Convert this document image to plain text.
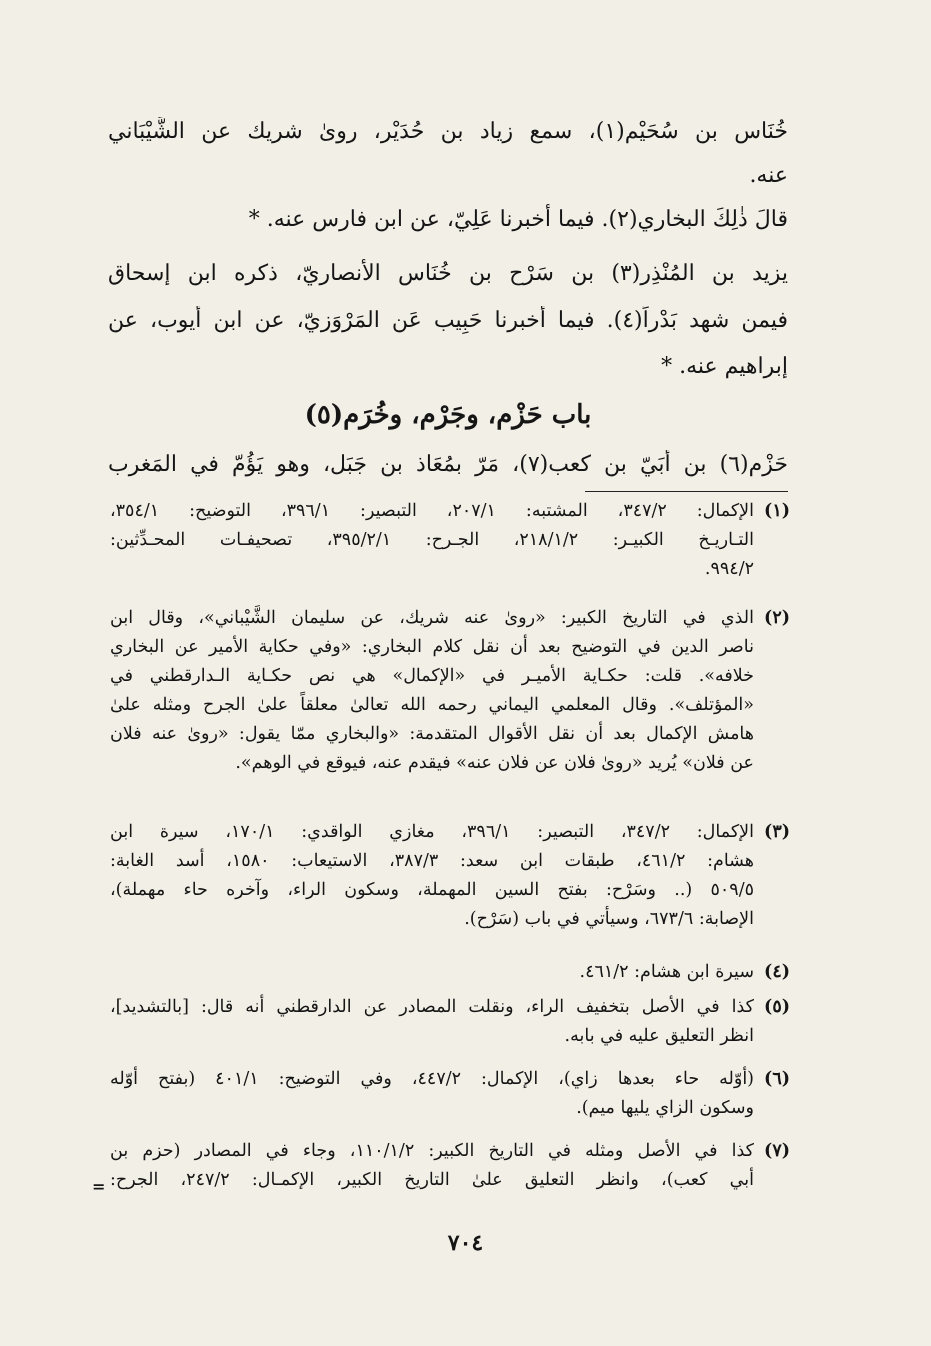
خُنَاس بن سُحَيْم(١)، سمع زياد بن حُدَيْر، روىٰ شريك عن الشَّيْبَاني
عنه.
قالَ ذٰلِكَ البخاري(٢). فيما أخبرنا عَلِيّ، عن ابن فارس عنه. *
يزيد بن المُنْذِر(٣) بن سَرْح بن خُنَاس الأنصاريّ، ذكره ابن إسحاق
فيمن شهد بَدْراً(٤). فيما أخبرنا حَبِيب عَن المَرْوَزيّ، عن ابن أيوب، عن
إبراهيم عنه. *
باب حَزْم، وجَرْم، وخُرَم(٥)
حَزْم(٦) بن أُبَيّ بن كعب(٧)، مَرّ بمُعَاذ بن جَبَل، وهو يَؤُمّ في المَغرب
(١)
الإكمال: ٣٤٧/٢، المشتبه: ٢٠٧/١، التبصير: ٣٩٦/١، التوضيح: ٣٥٤/١،
التـاريـخ الكبيـر: ٢١٨/١/٢، الجـرح: ٣٩٥/٢/١، تصحيفـات المحـدِّثين:
٩٩٤/٢.
(٢)
الذي في التاريخ الكبير: «روىٰ عنه شريك، عن سليمان الشَّيْباني»، وقال ابن
ناصر الدين في التوضيح بعد أن نقل كلام البخاري: «وفي حكاية الأمير عن البخاري
خلافه». قلت: حكـاية الأميـر في «الإكمال» هي نص حكـاية الـدارقطني في
«المؤتلف». وقال المعلمي اليماني رحمه الله تعالىٰ معلقاً علىٰ الجرح ومثله علىٰ
هامش الإكمال بعد أن نقل الأقوال المتقدمة: «والبخاري ممّا يقول: «روىٰ عنه فلان
عن فلان» يُريد «روىٰ فلان عن فلان عنه» فيقدم عنه، فيوقع في الوهم».
(٣)
الإكمال: ٣٤٧/٢، التبصير: ٣٩٦/١، مغازي الواقدي: ١٧٠/١، سيرة ابن
هشام: ٤٦١/٢، طبقات ابن سعد: ٣٨٧/٣، الاستيعاب: ١٥٨٠، أسد الغابة:
٥٠٩/٥ (.. وسَرْح: بفتح السين المهملة، وسكون الراء، وآخره حاء مهملة)،
الإصابة: ٦٧٣/٦، وسيأتي في باب (سَرْح).
(٤)
سيرة ابن هشام: ٤٦١/٢.
(٥)
كذا في الأصل بتخفيف الراء، ونقلت المصادر عن الدارقطني أنه قال: [بالتشديد]،
انظر التعليق عليه في بابه.
(٦)
(أوّله حاء بعدها زاي)، الإكمال: ٤٤٧/٢، وفي التوضيح: ٤٠١/١ (بفتح أوّله
وسكون الزاي يليها ميم).
(٧)
كذا في الأصل ومثله في التاريخ الكبير: ١١٠/١/٢، وجاء في المصادر (حزم بن
أبي كعب)، وانظر التعليق علىٰ التاريخ الكبير، الإكمـال: ٢٤٧/٢، الجرح:
=
٧٠٤
